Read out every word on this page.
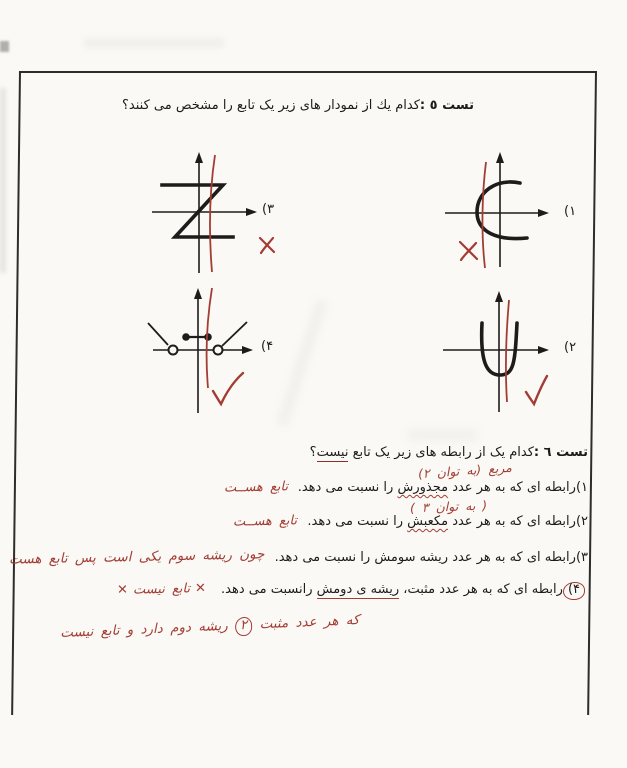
تست ٥ :كدام يك از نمودار های زیر یک تابع را مشخص می كنند؟
(۱
(۳
(۲
(۴
تست ٦ :كدام یک از رابطه های زیر یک تابع نیست؟
مربع (به توان ٢)
١)رابطه ای که به هر عدد مجذورش را نسبت می دهد.تابع هســت
( به توان ٣ )
٢)رابطه ای که به هر عدد مکعبش را نسبت می دهد.تابع هســت
٣)رابطه ای که به هر عدد ریشه سومش را نسبت می دهد.چون ریشه سوم یکی است پس تابع هست
۴)رابطه ای که به هر عدد مثبت، ریشه ی دومش رانسبت می دهد.✕تابع نیست✕
که هر عدد مثبت ۲ ریشه دوم دارد و تابع نیست
